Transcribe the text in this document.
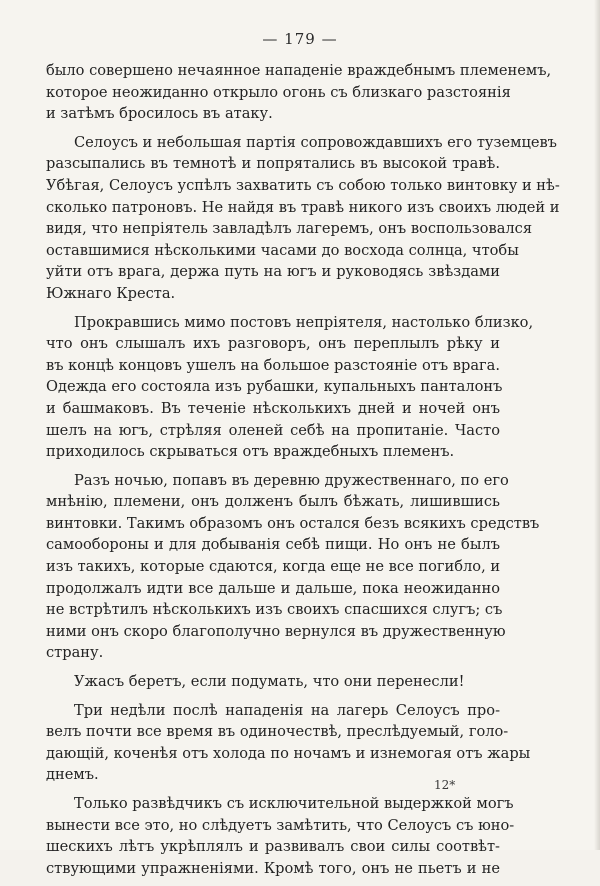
— 179 —

было совершено нечаянное нападенiе враждебнымъ племенемъ,
которое неожиданно открыло огонь съ близкаго разстоянiя
и затѣмъ бросилось въ атаку.

Селоусъ и небольшая партiя сопровождавшихъ его туземцевъ
разсыпались въ темнотѣ и попрятались въ высокой травѣ.
Убѣгая, Селоусъ успѣлъ захватить съ собою только винтовку и нѣ-
сколько патроновъ. Не найдя въ травѣ никого изъ своихъ людей и
видя, что непрiятель завладѣлъ лагеремъ, онъ воспользовался
оставшимися нѣсколькими часами до восхода солнца, чтобы
уйти отъ врага, держа путь на югъ и руководясь звѣздами
Южнаго Креста.

Прокравшись мимо постовъ непрiятеля, настолько близко,
что онъ слышалъ ихъ разговоръ, онъ переплылъ рѣку и
въ концѣ концовъ ушелъ на большое разстоянiе отъ врага.
Одежда его состояла изъ рубашки, купальныхъ панталонъ
и башмаковъ. Въ теченiе нѣсколькихъ дней и ночей онъ
шелъ на югъ, стрѣляя оленей себѣ на пропитанiе. Часто
приходилось скрываться отъ враждебныхъ племенъ.

Разъ ночью, попавъ въ деревню дружественнаго, по его
мнѣнiю, племени, онъ долженъ былъ бѣжать, лишившись
винтовки. Такимъ образомъ онъ остался безъ всякихъ средствъ
самообороны и для добыванiя себѣ пищи. Но онъ не былъ
изъ такихъ, которые сдаются, когда еще не все погибло, и
продолжалъ идти все дальше и дальше, пока неожиданно
не встрѣтилъ нѣсколькихъ изъ своихъ спасшихся слугъ; съ
ними онъ скоро благополучно вернулся въ дружественную
страну.

Ужасъ беретъ, если подумать, что они перенесли!

Три недѣли послѣ нападенiя на лагерь Селоусъ про-
велъ почти все время въ одиночествѣ, преслѣдуемый, голо-
дающiй, коченѣя отъ холода по ночамъ и изнемогая отъ жары
днемъ.

Только развѣдчикъ съ исключительной выдержкой могъ
вынести все это, но слѣдуетъ замѣтить, что Селоусъ съ юно-
шескихъ лѣтъ укрѣплялъ и развивалъ свои силы соотвѣт-
ствующими упражненiями. Кромѣ того, онъ не пьетъ и не

12*
